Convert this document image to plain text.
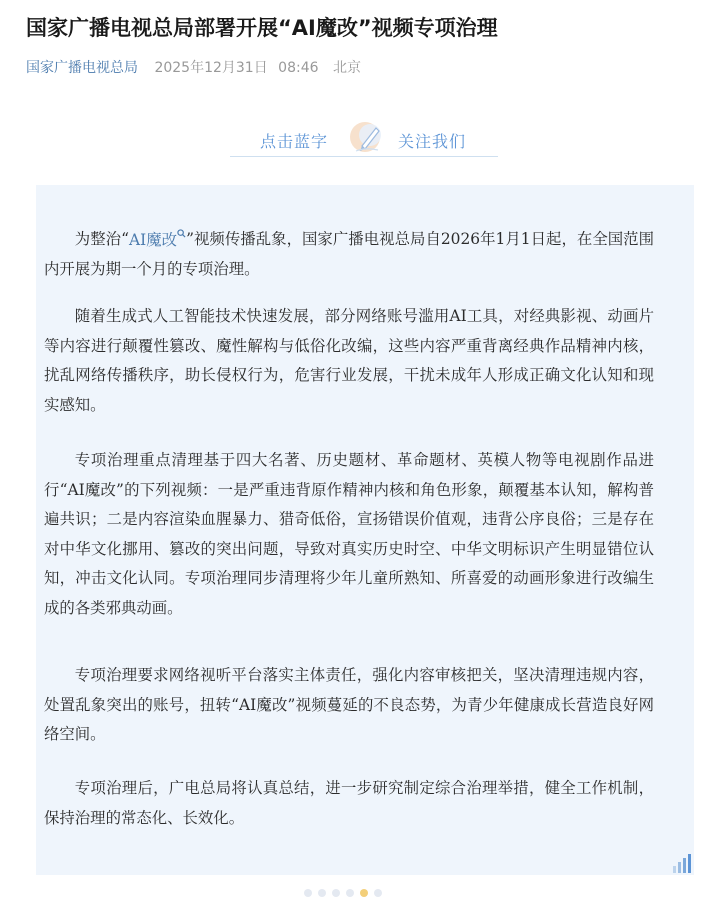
国家广播电视总局部署开展“AI魔改”视频专项治理
国家广播电视总局 2025年12月31日 08:46 北京
点击蓝字	关注我们

为整治“AI魔改 ”视频传播乱象，国家广播电视总局自2026年1月1日起，在全国范围内开展为期一个月的专项治理。

随着生成式人工智能技术快速发展，部分网络账号滥用AI工具，对经典影视、动画片等内容进行颠覆性篡改、魔性解构与低俗化改编，这些内容严重背离经典作品精神内核，扰乱网络传播秩序，助长侵权行为，危害行业发展，干扰未成年人形成正确文化认知和现实感知。

专项治理重点清理基于四大名著、历史题材、革命题材、英模人物等电视剧作品进行“AI魔改”的下列视频：一是严重违背原作精神内核和角色形象，颠覆基本认知，解构普遍共识；二是内容渲染血腥暴力、猎奇低俗，宣扬错误价值观，违背公序良俗；三是存在对中华文化挪用、篡改的突出问题，导致对真实历史时空、中华文明标识产生明显错位认知，冲击文化认同。专项治理同步清理将少年儿童所熟知、所喜爱的动画形象进行改编生成的各类邪典动画。

专项治理要求网络视听平台落实主体责任，强化内容审核把关，坚决清理违规内容，处置乱象突出的账号，扭转“AI魔改”视频蔓延的不良态势，为青少年健康成长营造良好网络空间。

专项治理后，广电总局将认真总结，进一步研究制定综合治理举措，健全工作机制，保持治理的常态化、长效化。
